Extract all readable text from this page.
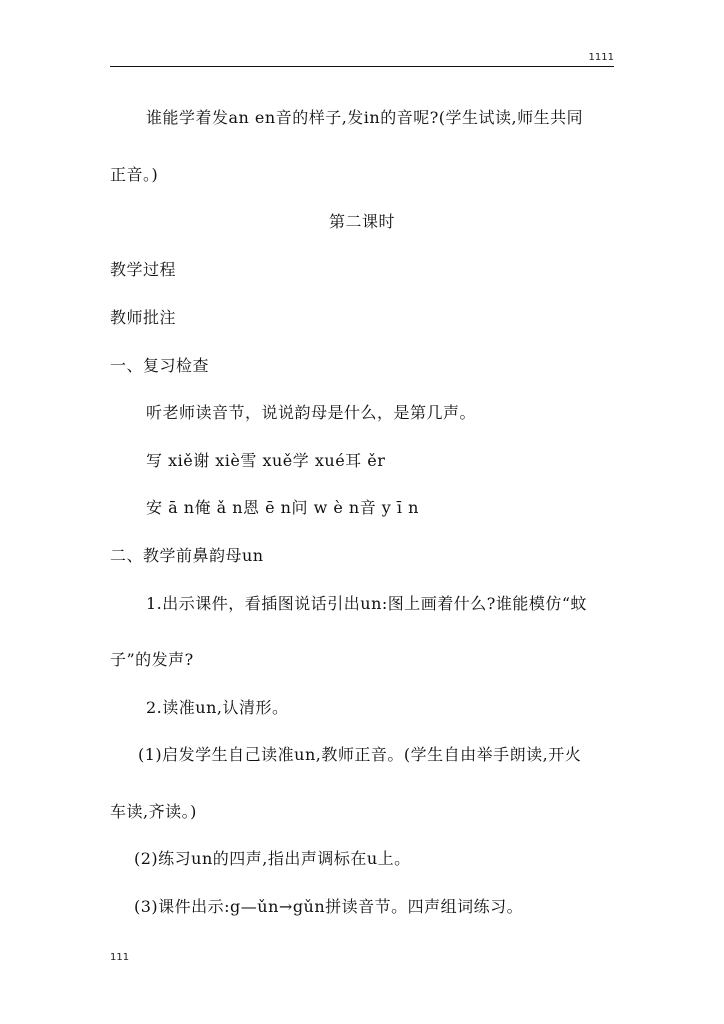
1111
谁能学着发an en音的样子,发in的音呢?(学生试读,师生共同
正音。)
第二课时
教学过程
教师批注
一、复习检查
听老师读音节，说说韵母是什么，是第几声。
写 xiě谢 xiè雪 xuě学 xué耳 ěr
安 ā n俺 ǎ n恩 ē n问 w è n音 y ī n
二、教学前鼻韵母un
1.出示课件，看插图说话引出un:图上画着什么?谁能模仿“蚊
子”的发声?
2.读准un,认清形。
(1)启发学生自己读准un,教师正音。(学生自由举手朗读,开火
车读,齐读。)
(2)练习un的四声,指出声调标在u上。
(3)课件出示:g—ǔn→gǔn拼读音节。四声组词练习。
111
